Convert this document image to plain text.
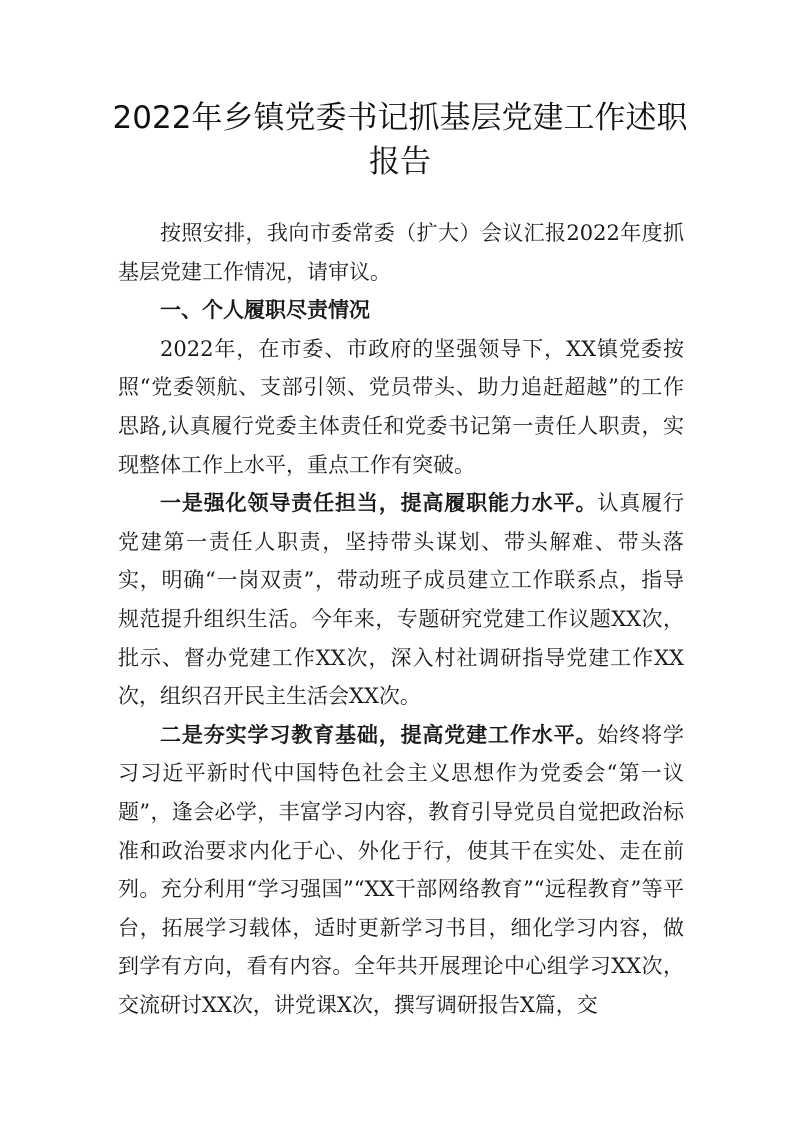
2022年乡镇党委书记抓基层党建工作述职
报告

按照安排，我向市委常委（扩大）会议汇报2022年度抓基层党建工作情况，请审议。

一、个人履职尽责情况

2022年，在市委、市政府的坚强领导下，XX镇党委按照“党委领航、支部引领、党员带头、助力追赶超越”的工作思路,认真履行党委主体责任和党委书记第一责任人职责，实现整体工作上水平，重点工作有突破。

一是强化领导责任担当，提高履职能力水平。认真履行党建第一责任人职责，坚持带头谋划、带头解难、带头落实，明确“一岗双责”，带动班子成员建立工作联系点，指导规范提升组织生活。今年来，专题研究党建工作议题XX次，批示、督办党建工作XX次，深入村社调研指导党建工作XX次，组织召开民主生活会XX次。

二是夯实学习教育基础，提高党建工作水平。始终将学习习近平新时代中国特色社会主义思想作为党委会“第一议题”，逢会必学，丰富学习内容，教育引导党员自觉把政治标准和政治要求内化于心、外化于行，使其干在实处、走在前列。充分利用“学习强国”“XX干部网络教育”“远程教育”等平台，拓展学习载体，适时更新学习书目，细化学习内容，做到学有方向，看有内容。全年共开展理论中心组学习XX次，交流研讨XX次，讲党课X次，撰写调研报告X篇，交
